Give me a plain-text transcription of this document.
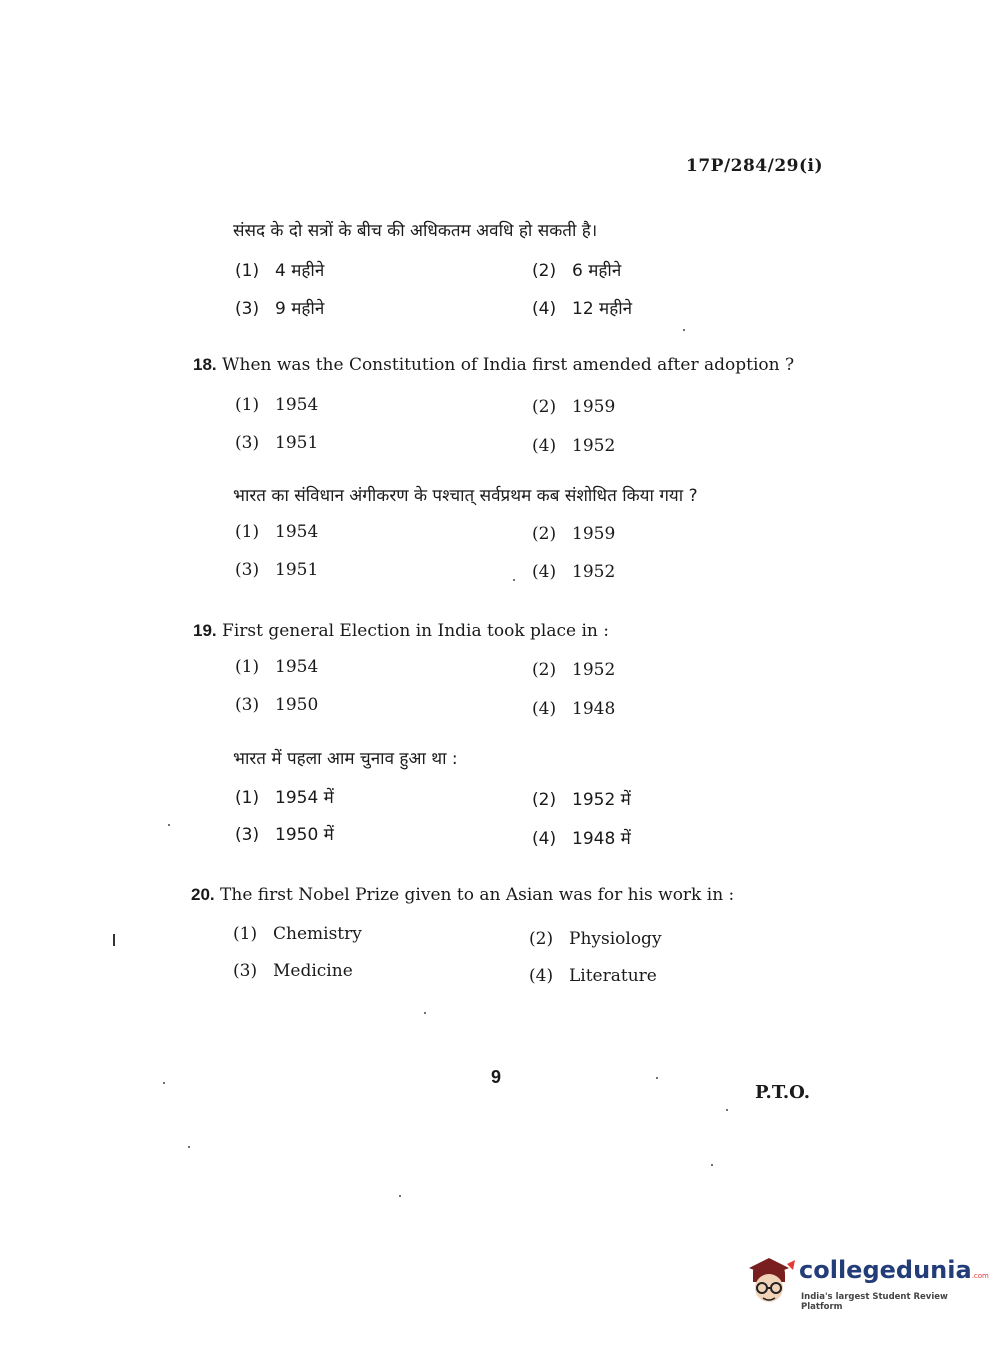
17P/284/29(i)
संसद के दो सत्रों के बीच की अधिकतम अवधि हो सकती है।
(1) 4 महीने	(2) 6 महीने
(3) 9 महीने	(4) 12 महीने
18. When was the Constitution of India first amended after adoption ?
(1) 1954	(2) 1959
(3) 1951	(4) 1952
भारत का संविधान अंगीकरण के पश्चात् सर्वप्रथम कब संशोधित किया गया ?
(1) 1954	(2) 1959
(3) 1951	(4) 1952
19. First general Election in India took place in :
(1) 1954	(2) 1952
(3) 1950	(4) 1948
भारत में पहला आम चुनाव हुआ था :
(1) 1954 में	(2) 1952 में
(3) 1950 में	(4) 1948 में
20. The first Nobel Prize given to an Asian was for his work in :
(1) Chemistry	(2) Physiology
(3) Medicine	(4) Literature
9
P.T.O.
collegedunia.com
India's largest Student Review Platform
